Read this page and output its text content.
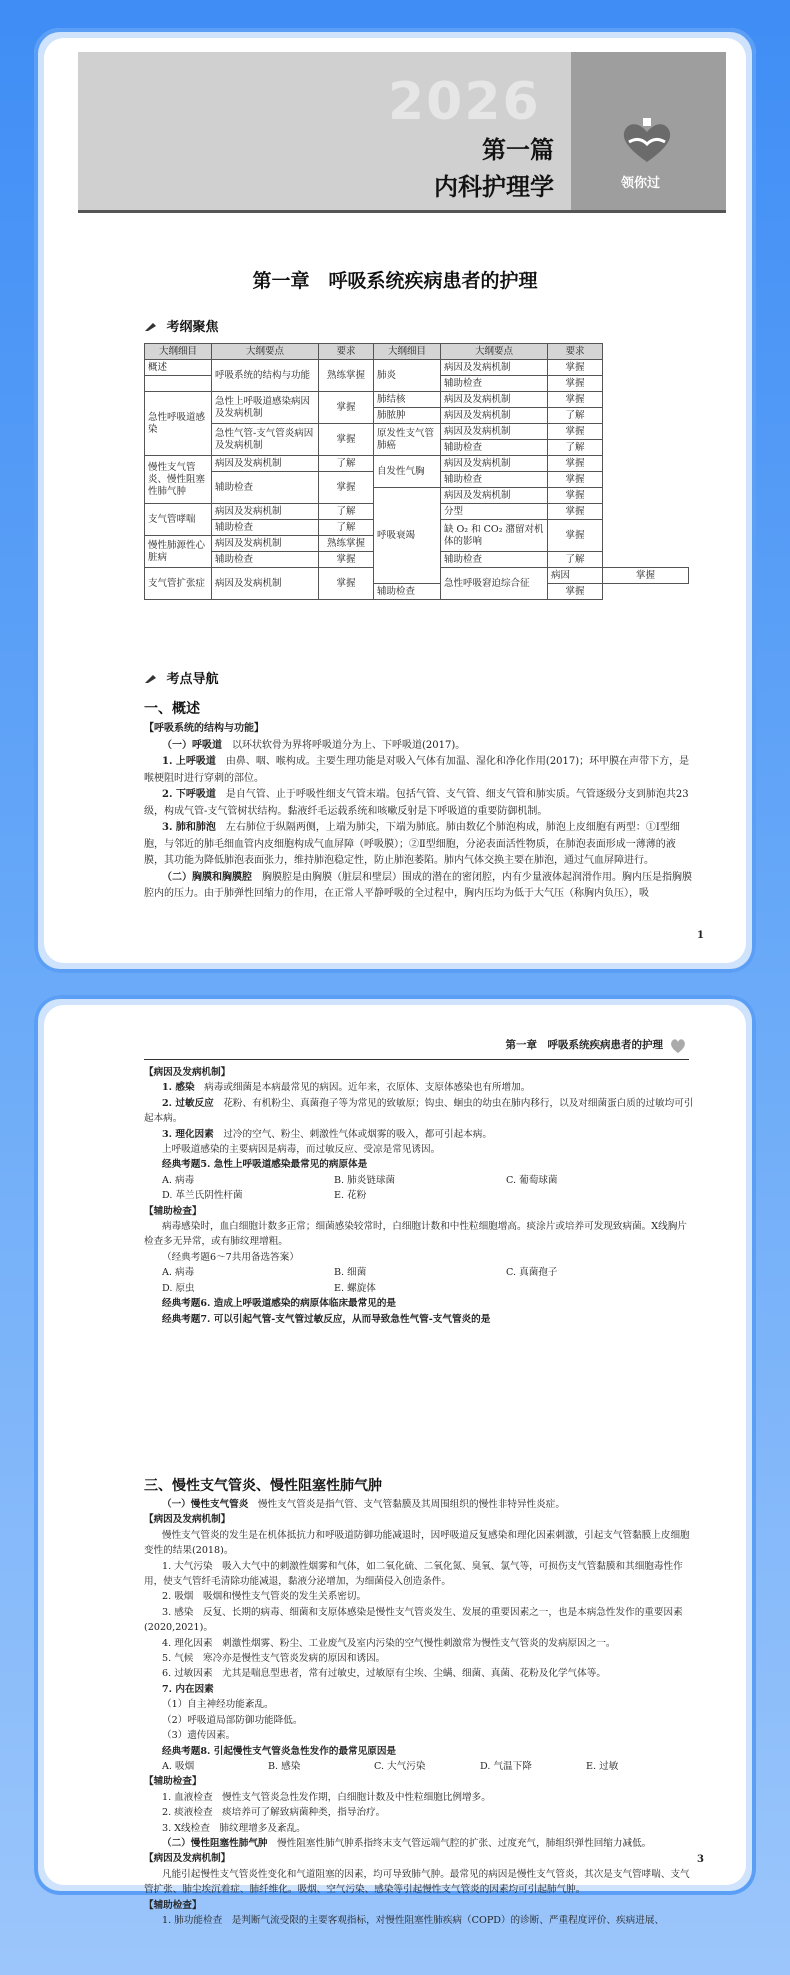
2026
第一篇
内科护理学	领你过
第一章　呼吸系统疾病患者的护理
考纲聚焦
大纲细目	大纲要点	要求	大纲细目	大纲要点	要求	
概述	呼吸系统的结构与功能	熟练掌握	肺炎	病因及发病机制	掌握	
				辅助检查	掌握	
急性呼吸道感染	急性上呼吸道感染病因及发病机制	掌握	肺结核	病因及发病机制	掌握	
			肺脓肿	病因及发病机制	了解	
	急性气管-支气管炎病因及发病机制	掌握	原发性支气管肺癌	病因及发病机制	掌握	
				辅助检查	了解	
慢性支气管炎、慢性阻塞性肺气肿	病因及发病机制	了解	自发性气胸	病因及发病机制	掌握	
	辅助检查	掌握		辅助检查	掌握	
			呼吸衰竭	病因及发病机制	掌握	
支气管哮喘	病因及发病机制	了解		分型	掌握	
	辅助检查	了解		缺 O₂ 和 CO₂ 潴留对机体的影响	掌握	
慢性肺源性心脏病	病因及发病机制	熟练掌握				
	辅助检查	掌握		辅助检查	了解	
支气管扩张症	病因及发病机制	掌握		急性呼吸窘迫综合征	病因	掌握
			辅助检查		掌握	
考点导航
一、概述
【呼吸系统的结构与功能】

（一）呼吸道　 以环状软骨为界将呼吸道分为上、下呼吸道(2017)。

1. 上呼吸道　 由鼻、咽、喉构成。主要生理功能是对吸入气体有加温、湿化和净化作用(2017)；环甲膜在声带下方，是喉梗阻时进行穿刺的部位。

2. 下呼吸道　 是自气管、止于呼吸性细支气管末端。包括气管、支气管、细支气管和肺实质。气管逐级分支到肺泡共23级，构成气管-支气管树状结构。黏液纤毛运载系统和咳嗽反射是下呼吸道的重要防御机制。

3. 肺和肺泡　 左右肺位于纵隔两侧，上端为肺尖，下端为肺底。肺由数亿个肺泡构成，肺泡上皮细胞有两型：①Ⅰ型细胞，与邻近的肺毛细血管内皮细胞构成气血屏障（呼吸膜）；②Ⅱ型细胞，分泌表面活性物质，在肺泡表面形成一薄薄的液膜，其功能为降低肺泡表面张力，维持肺泡稳定性，防止肺泡萎陷。肺内气体交换主要在肺泡，通过气血屏障进行。

（二）胸膜和胸膜腔　 胸膜腔是由胸膜（脏层和壁层）围成的潜在的密闭腔，内有少量液体起润滑作用。胸内压是指胸膜腔内的压力。由于肺弹性回缩力的作用，在正常人平静呼吸的全过程中，胸内压均为低于大气压（称胸内负压），吸

1
第一章　呼吸系统疾病患者的护理
【病因及发病机制】

1. 感染　 病毒或细菌是本病最常见的病因。近年来，衣原体、支原体感染也有所增加。

2. 过敏反应　 花粉、有机粉尘、真菌孢子等为常见的致敏原；钩虫、蛔虫的幼虫在肺内移行，以及对细菌蛋白质的过敏均可引起本病。

3. 理化因素　 过冷的空气、粉尘、刺激性气体或烟雾的吸入，都可引起本病。

上呼吸道感染的主要病因是病毒，而过敏反应、受凉是常见诱因。

经典考题5. 急性上呼吸道感染最常见的病原体是

A. 病毒	B. 肺炎链球菌	C. 葡萄球菌
D. 革兰氏阴性杆菌	E. 花粉
【辅助检查】

病毒感染时，血白细胞计数多正常；细菌感染较常时，白细胞计数和中性粒细胞增高。痰涂片或培养可发现致病菌。X线胸片检查多无异常，或有肺纹理增粗。

（经典考题6～7共用备选答案）

A. 病毒	B. 细菌	C. 真菌孢子
D. 原虫	E. 螺旋体

经典考题6. 造成上呼吸道感染的病原体临床最常见的是

经典考题7. 可以引起气管-支气管过敏反应，从而导致急性气管-支气管炎的是

三、慢性支气管炎、慢性阻塞性肺气肿

（一）慢性支气管炎　 慢性支气管炎是指气管、支气管黏膜及其周围组织的慢性非特异性炎症。

【病因及发病机制】

慢性支气管炎的发生是在机体抵抗力和呼吸道防御功能减退时，因呼吸道反复感染和理化因素刺激，引起支气管黏膜上皮细胞变性的结果(2018)。

1. 大气污染　吸入大气中的刺激性烟雾和气体，如二氧化硫、二氧化氮、臭氧、氯气等，可损伤支气管黏膜和其细胞毒性作用，使支气管纤毛清除功能减退，黏液分泌增加，为细菌侵入创造条件。

2. 吸烟　吸烟和慢性支气管炎的发生关系密切。

3. 感染　反复、长期的病毒、细菌和支原体感染是慢性支气管炎发生、发展的重要因素之一，也是本病急性发作的重要因素(2020,2021)。

4. 理化因素　刺激性烟雾、粉尘、工业废气及室内污染的空气慢性刺激常为慢性支气管炎的发病原因之一。

5. 气候　寒冷亦是慢性支气管炎发病的原因和诱因。

6. 过敏因素　尤其是喘息型患者，常有过敏史，过敏原有尘埃、尘螨、细菌、真菌、花粉及化学气体等。

7. 内在因素

（1）自主神经功能紊乱。

（2）呼吸道局部防御功能降低。

（3）遗传因素。

经典考题8. 引起慢性支气管炎急性发作的最常见原因是

A. 吸烟	B. 感染	C. 大气污染	D. 气温下降	E. 过敏
【辅助检查】

1. 血液检查　慢性支气管炎急性发作期，白细胞计数及中性粒细胞比例增多。

2. 痰液检查　痰培养可了解致病菌种类，指导治疗。

3. X线检查　肺纹理增多及紊乱。

（二）慢性阻塞性肺气肿　 慢性阻塞性肺气肿系指终末支气管远端气腔的扩张、过度充气，肺组织弹性回缩力减低。

【病因及发病机制】

凡能引起慢性支气管炎性变化和气道阻塞的因素，均可导致肺气肿。最常见的病因是慢性支气管炎，其次是支气管哮喘、支气管扩张、肺尘埃沉着症、肺纤维化。吸烟、空气污染、感染等引起慢性支气管炎的因素均可引起肺气肿。

【辅助检查】

1. 肺功能检查　是判断气流受限的主要客观指标，对慢性阻塞性肺疾病（COPD）的诊断、严重程度评价、疾病进展、

3
